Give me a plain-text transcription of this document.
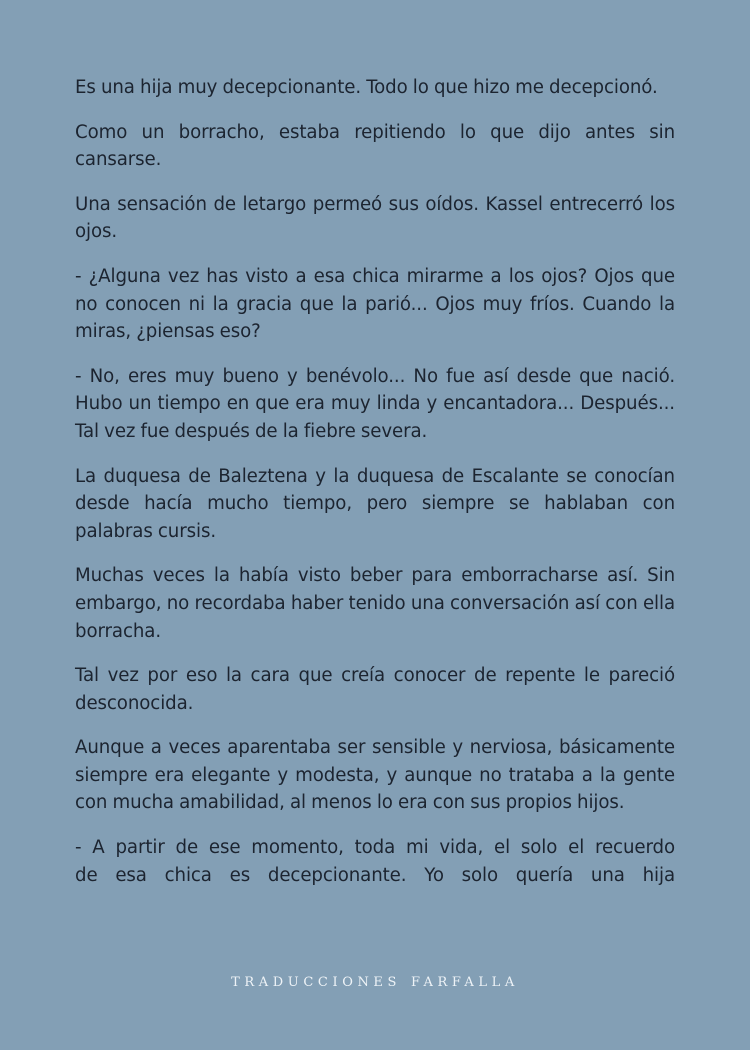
Es una hija muy decepcionante. Todo lo que hizo me decepcionó.

Como un borracho, estaba repitiendo lo que dijo antes sin cansarse.

Una sensación de letargo permeó sus oídos. Kassel entrecerró los ojos.

- ¿Alguna vez has visto a esa chica mirarme a los ojos? Ojos que no conocen ni la gracia que la parió... Ojos muy fríos. Cuando la miras, ¿piensas eso?

- No, eres muy bueno y benévolo... No fue así desde que nació. Hubo un tiempo en que era muy linda y encantadora... Después... Tal vez fue después de la fiebre severa.

La duquesa de Baleztena y la duquesa de Escalante se conocían desde hacía mucho tiempo, pero siempre se hablaban con palabras cursis.

Muchas veces la había visto beber para emborracharse así. Sin embargo, no recordaba haber tenido una conversación así con ella borracha.

Tal vez por eso la cara que creía conocer de repente le pareció desconocida.

Aunque a veces aparentaba ser sensible y nerviosa, básicamente siempre era elegante y modesta, y aunque no trataba a la gente con mucha amabilidad, al menos lo era con sus propios hijos.

- A partir de ese momento, toda mi vida, el solo el recuerdo
de esa chica es decepcionante. Yo solo quería una hija
TRADUCCIONES FARFALLA
